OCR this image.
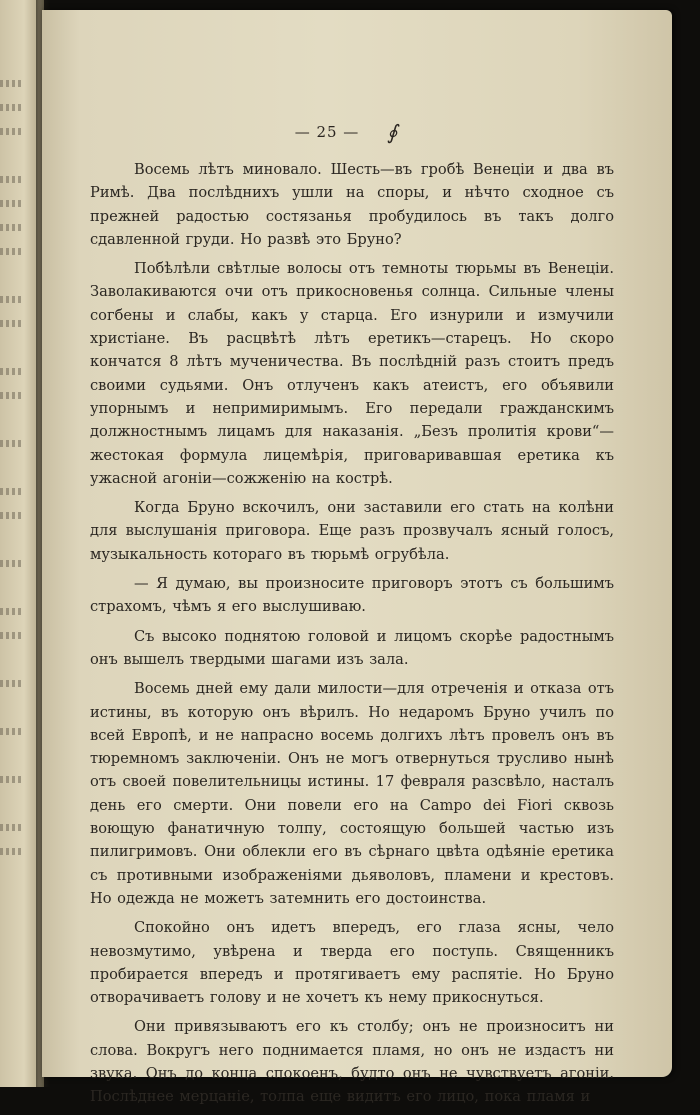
— 25 — ∮

Восемь лѣтъ миновало. Шесть—въ гробѣ Венеціи и два въ Римѣ. Два послѣднихъ ушли на споры, и нѣчто сходное съ прежней радостью состязанья пробудилось въ такъ долго сдавленной груди. Но развѣ это Бруно?

Побѣлѣли свѣтлые волосы отъ темноты тюрьмы въ Венеціи. Заволакиваются очи отъ прикосновенья солнца. Сильные члены согбены и слабы, какъ у старца. Его изнурили и измучили христіане. Въ расцвѣтѣ лѣтъ еретикъ—старецъ. Но скоро кончатся 8 лѣтъ мученичества. Въ послѣдній разъ стоитъ предъ своими судьями. Онъ отлученъ какъ атеистъ, его объявили упорнымъ и непримиримымъ. Его передали гражданскимъ должностнымъ лицамъ для наказанія. „Безъ пролитія крови“—жестокая формула лицемѣрія, приговаривавшая еретика къ ужасной агоніи—сожженію на кострѣ.

Когда Бруно вскочилъ, они заставили его стать на колѣни для выслушанія приговора. Еще разъ прозвучалъ ясный голосъ, музыкальность котораго въ тюрьмѣ огрубѣла.

— Я думаю, вы произносите приговоръ этотъ съ большимъ страхомъ, чѣмъ я его выслушиваю.

Съ высоко поднятою головой и лицомъ скорѣе радостнымъ онъ вышелъ твердыми шагами изъ зала.

Восемь дней ему дали милости—для отреченія и отказа отъ истины, въ которую онъ вѣрилъ. Но недаромъ Бруно училъ по всей Европѣ, и не напрасно восемь долгихъ лѣтъ провелъ онъ въ тюремномъ заключеніи. Онъ не могъ отвернуться трусливо нынѣ отъ своей повелительницы истины. 17 февраля разсвѣло, насталъ день его смерти. Они повели его на Campo dei Fiori сквозь воющую фанатичную толпу, состоящую большей частью изъ пилигримовъ. Они облекли его въ сѣрнаго цвѣта одѣяніе еретика съ противными изображеніями дьяволовъ, пламени и крестовъ. Но одежда не можетъ затемнить его достоинства.

Спокойно онъ идетъ впередъ, его глаза ясны, чело невозмутимо, увѣрена и тверда его поступь. Священникъ пробирается впередъ и протягиваетъ ему распятіе. Но Бруно отворачиваетъ голову и не хочетъ къ нему прикоснуться.

Они привязываютъ его къ столбу; онъ не произноситъ ни слова. Вокругъ него поднимается пламя, но онъ не издастъ ни звука. Онъ до конца спокоенъ, будто онъ не чувствуетъ агоніи. Послѣднее мерцаніе, толпа еще видитъ его лицо, пока пламя и
